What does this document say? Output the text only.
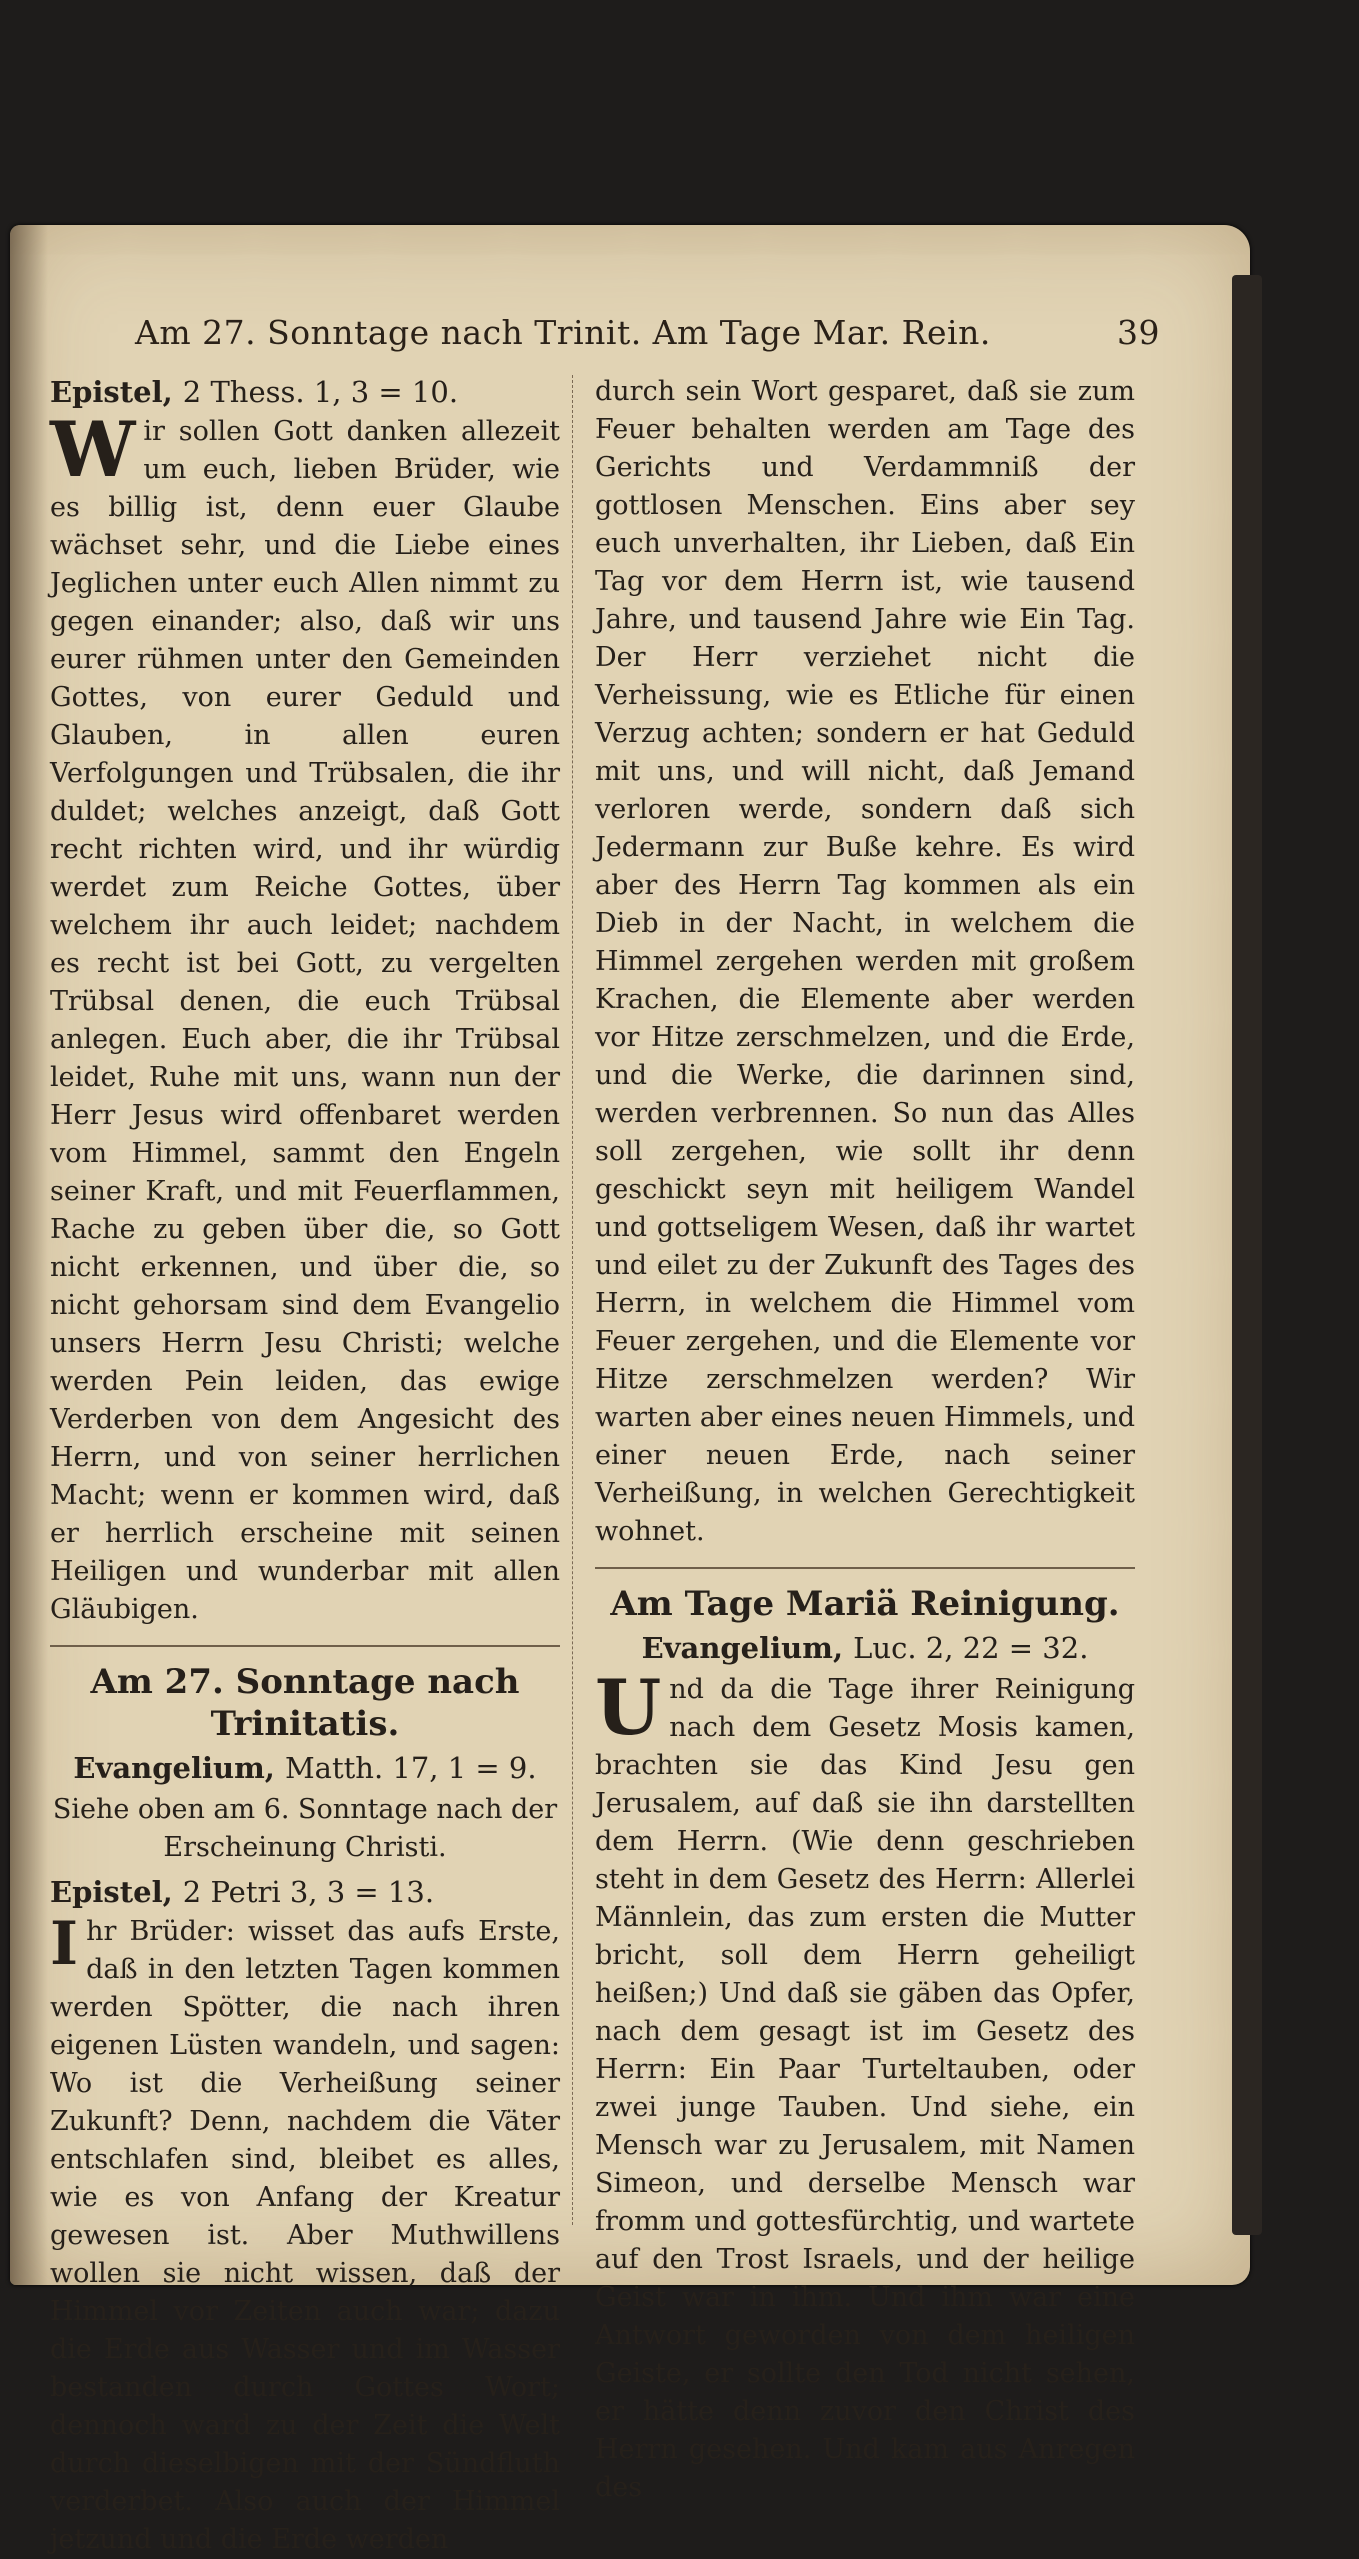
Am 27. Sonntage nach Trinit. Am Tage Mar. Rein.	39
Epistel, 2 Thess. 1, 3 = 10.

Wir sollen Gott danken allezeit um euch, lieben Brüder, wie es billig ist, denn euer Glaube wächset sehr, und die Liebe eines Jeglichen unter euch Allen nimmt zu gegen einander; also, daß wir uns eurer rühmen unter den Gemeinden Gottes, von eurer Geduld und Glauben, in allen euren Verfolgungen und Trübsalen, die ihr duldet; welches anzeigt, daß Gott recht richten wird, und ihr würdig werdet zum Reiche Gottes, über welchem ihr auch leidet; nachdem es recht ist bei Gott, zu vergelten Trübsal denen, die euch Trübsal anlegen. Euch aber, die ihr Trübsal leidet, Ruhe mit uns, wann nun der Herr Jesus wird offenbaret werden vom Himmel, sammt den Engeln seiner Kraft, und mit Feuerflammen, Rache zu geben über die, so Gott nicht erkennen, und über die, so nicht gehorsam sind dem Evangelio unsers Herrn Jesu Christi; welche werden Pein leiden, das ewige Verderben von dem Angesicht des Herrn, und von seiner herrlichen Macht; wenn er kommen wird, daß er herrlich erscheine mit seinen Heiligen und wunderbar mit allen Gläubigen.

Am 27. Sonntage nach Trinitatis.
Evangelium, Matth. 17, 1 = 9.

Siehe oben am 6. Sonntage nach der Erscheinung Christi.

Epistel, 2 Petri 3, 3 = 13.

Ihr Brüder: wisset das aufs Erste, daß in den letzten Tagen kommen werden Spötter, die nach ihren eigenen Lüsten wandeln, und sagen: Wo ist die Verheißung seiner Zukunft? Denn, nachdem die Väter entschlafen sind, bleibet es alles, wie es von Anfang der Kreatur gewesen ist. Aber Muthwillens wollen sie nicht wissen, daß der Himmel vor Zeiten auch war; dazu die Erde aus Wasser und im Wasser bestanden durch Gottes Wort; dennoch ward zu der Zeit die Welt durch dieselbigen mit der Sündfluth verderbet. Also auch der Himmel jetzund und die Erde werden

durch sein Wort gesparet, daß sie zum Feuer behalten werden am Tage des Gerichts und Verdammniß der gottlosen Menschen. Eins aber sey euch unverhalten, ihr Lieben, daß Ein Tag vor dem Herrn ist, wie tausend Jahre, und tausend Jahre wie Ein Tag. Der Herr verziehet nicht die Verheissung, wie es Etliche für einen Verzug achten; sondern er hat Geduld mit uns, und will nicht, daß Jemand verloren werde, sondern daß sich Jedermann zur Buße kehre. Es wird aber des Herrn Tag kommen als ein Dieb in der Nacht, in welchem die Himmel zergehen werden mit großem Krachen, die Elemente aber werden vor Hitze zerschmelzen, und die Erde, und die Werke, die darinnen sind, werden verbrennen. So nun das Alles soll zergehen, wie sollt ihr denn geschickt seyn mit heiligem Wandel und gottseligem Wesen, daß ihr wartet und eilet zu der Zukunft des Tages des Herrn, in welchem die Himmel vom Feuer zergehen, und die Elemente vor Hitze zerschmelzen werden? Wir warten aber eines neuen Himmels, und einer neuen Erde, nach seiner Verheißung, in welchen Gerechtigkeit wohnet.

Am Tage Mariä Reinigung.
Evangelium, Luc. 2, 22 = 32.

Und da die Tage ihrer Reinigung nach dem Gesetz Mosis kamen, brachten sie das Kind Jesu gen Jerusalem, auf daß sie ihn darstellten dem Herrn. (Wie denn geschrieben steht in dem Gesetz des Herrn: Allerlei Männlein, das zum ersten die Mutter bricht, soll dem Herrn geheiligt heißen;) Und daß sie gäben das Opfer, nach dem gesagt ist im Gesetz des Herrn: Ein Paar Turteltauben, oder zwei junge Tauben. Und siehe, ein Mensch war zu Jerusalem, mit Namen Simeon, und derselbe Mensch war fromm und gottesfürchtig, und wartete auf den Trost Israels, und der heilige Geist war in ihm. Und ihm war eine Antwort geworden von dem heiligen Geiste, er sollte den Tod nicht sehen, er hätte denn zuvor den Christ des Herrn gesehen. Und kam aus Anregen des
